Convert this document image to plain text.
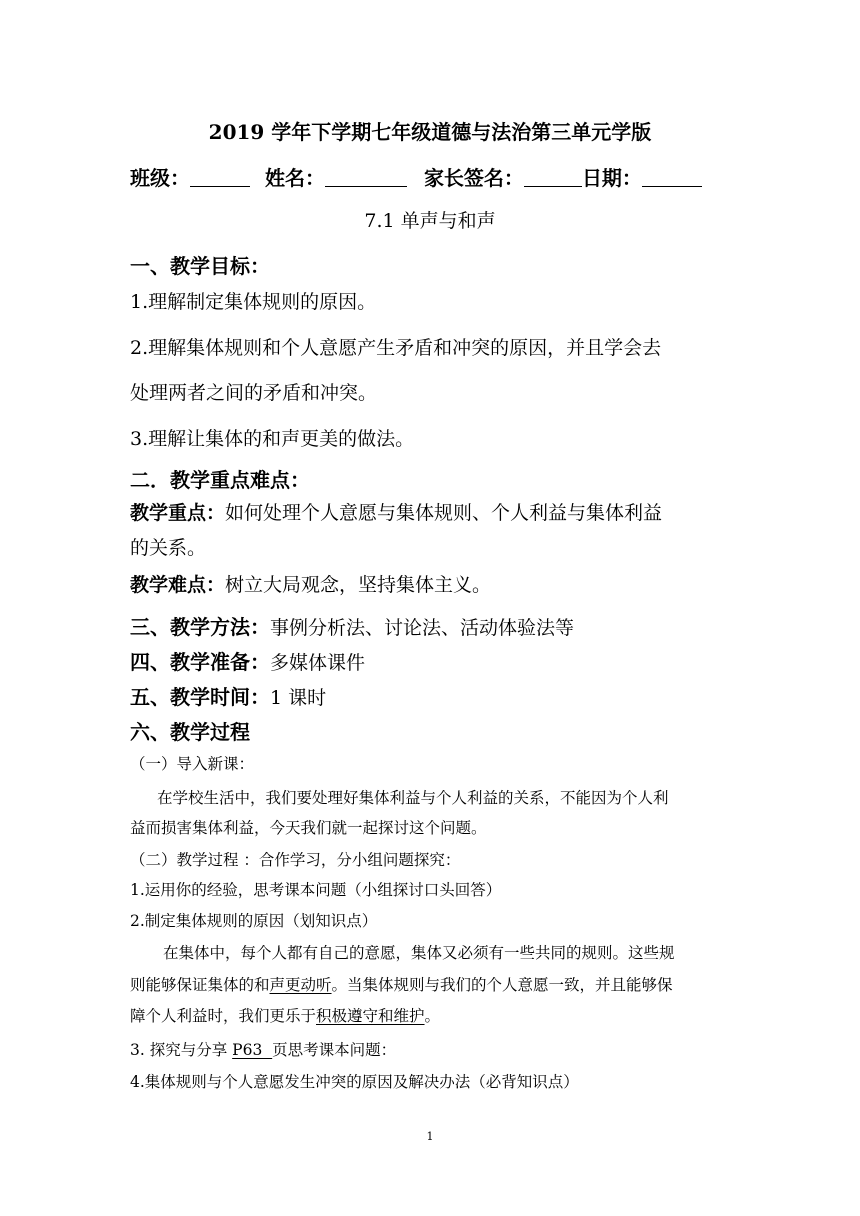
2019 学年下学期七年级道德与法治第三单元学版
班级：	姓名：	家长签名：	日期：
7.1 单声与和声
一、教学目标：
1.理解制定集体规则的原因。
2.理解集体规则和个人意愿产生矛盾和冲突的原因，并且学会去
处理两者之间的矛盾和冲突。
3.理解让集体的和声更美的做法。
二．教学重点难点：
教学重点：如何处理个人意愿与集体规则、个人利益与集体利益
的关系。
教学难点：树立大局观念，坚持集体主义。
三、教学方法：事例分析法、讨论法、活动体验法等
四、教学准备：多媒体课件
五、教学时间：1 课时
六、教学过程
（一）导入新课：
在学校生活中，我们要处理好集体利益与个人利益的关系，不能因为个人利
益而损害集体利益，今天我们就一起探讨这个问题。
（二）教学过程 ：合作学习，分小组问题探究：
1.运用你的经验，思考课本问题（小组探讨口头回答）
2.制定集体规则的原因（划知识点）
在集体中，每个人都有自己的意愿，集体又必须有一些共同的规则。这些规
则能够保证集体的和声更动听。当集体规则与我们的个人意愿一致，并且能够保
障个人利益时，我们更乐于积极遵守和维护。
3. 探究与分享 P63  页思考课本问题：
4.集体规则与个人意愿发生冲突的原因及解决办法（必背知识点）
1
